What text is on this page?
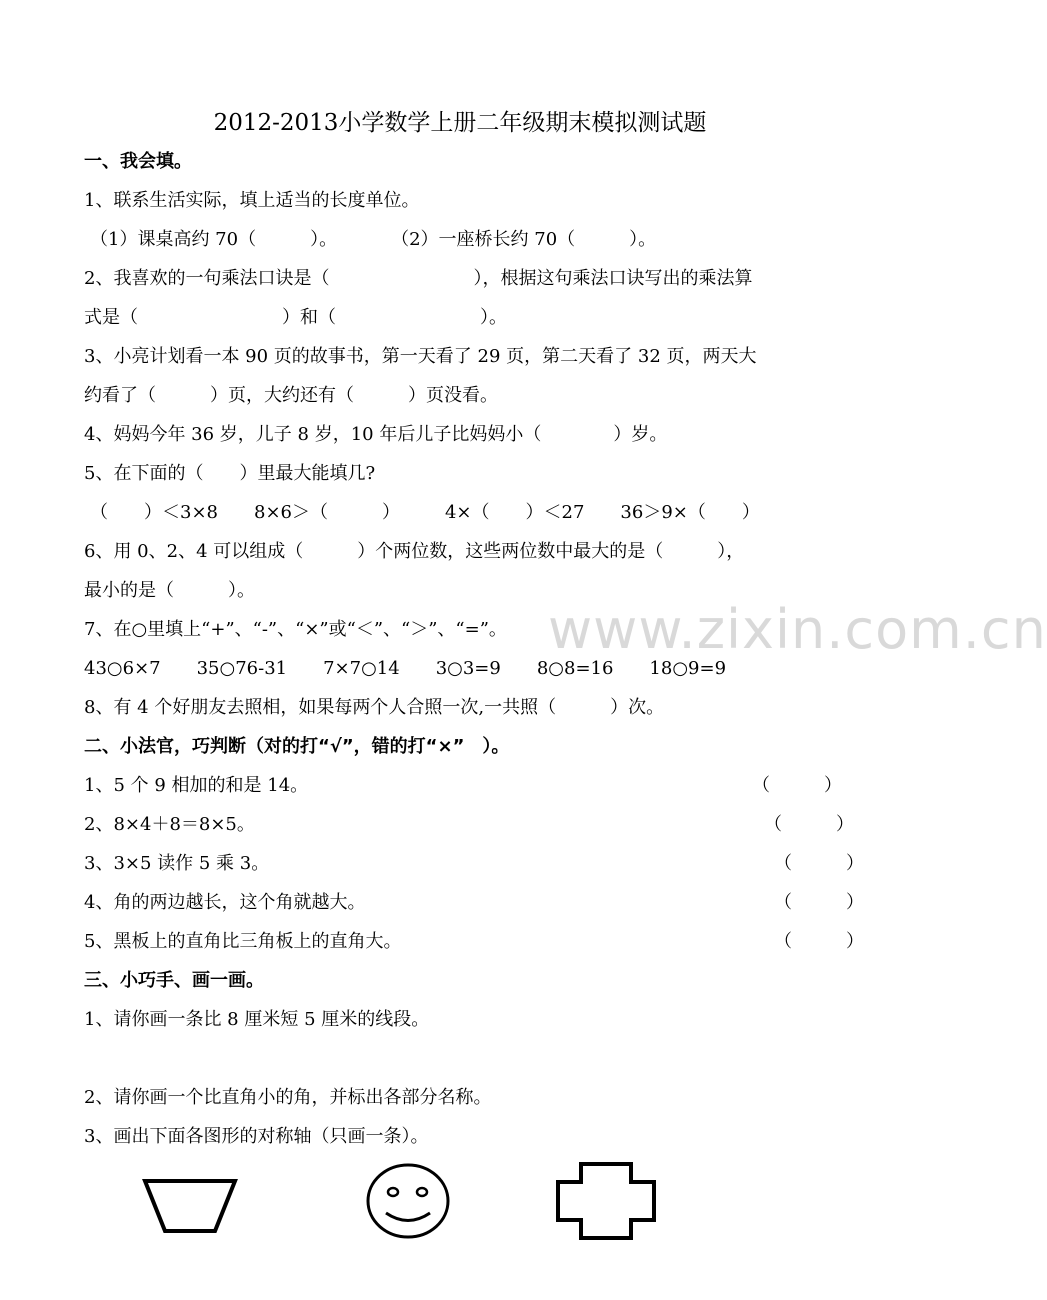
2012-2013小学数学上册二年级期末模拟测试题
一、我会填。
1、联系生活实际，填上适当的长度单位。
（1）课桌高约 70（　　　）。　　　　（2）一座桥长约 70（　　　）。
2、我喜欢的一句乘法口诀是（　　　　　　　　），根据这句乘法口诀写出的乘法算
式是（　　　　　　　　）和（　　　　　　　　）。
3、小亮计划看一本 90 页的故事书，第一天看了 29 页，第二天看了 32 页，两天大
约看了（　　　）页，大约还有（　　　）页没看。
4、妈妈今年 36 岁，儿子 8 岁，10 年后儿子比妈妈小（　　　　）岁。
5、在下面的（　　）里最大能填几?
（　　）＜3×8　　8×6＞（　　　）　　　4×（　　）＜27　　36＞9×（　　）
6、用 0、2、4 可以组成（　　　）个两位数，这些两位数中最大的是（　　　），
最小的是（　　　）。
7、在○里填上“+”、“-”、“×”或“＜”、“＞”、“=”。
43○6×7　　35○76-31　　7×7○14　　3○3=9　　8○8=16　　18○9=9
8、有 4 个好朋友去照相，如果每两个人合照一次,一共照（　　　）次。
www.zixin.com.cn
二、小法官，巧判断（对的打“√”，错的打“×”　）。
1、5 个 9 相加的和是 14。	（　　　）
2、8×4＋8＝8×5。	（　　　）
3、3×5 读作 5 乘 3。	（　　　）
4、角的两边越长，这个角就越大。	（　　　）
5、黑板上的直角比三角板上的直角大。	（　　　）
三、小巧手、画一画。
1、请你画一条比 8 厘米短 5 厘米的线段。
2、请你画一个比直角小的角，并标出各部分名称。
3、画出下面各图形的对称轴（只画一条）。
